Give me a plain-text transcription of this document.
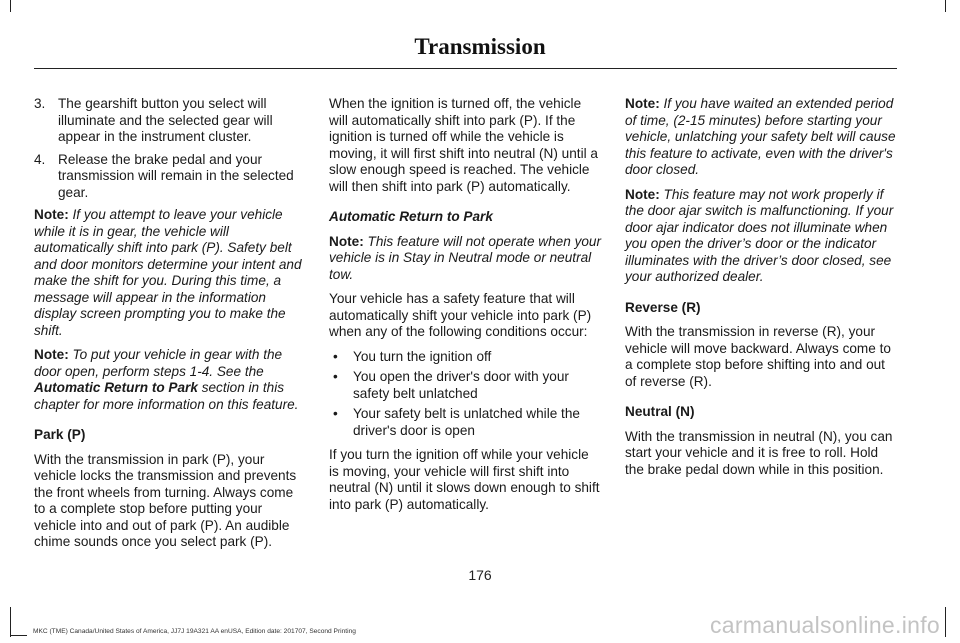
Transmission
3. The gearshift button you select will illuminate and the selected gear will appear in the instrument cluster.
4. Release the brake pedal and your transmission will remain in the selected gear.

Note: If you attempt to leave your vehicle while it is in gear, the vehicle will automatically shift into park (P). Safety belt and door monitors determine your intent and make the shift for you. During this time, a message will appear in the information display screen prompting you to make the shift.

Note: To put your vehicle in gear with the door open, perform steps 1-4. See the Automatic Return to Park section in this chapter for more information on this feature.

Park (P)

With the transmission in park (P), your vehicle locks the transmission and prevents the front wheels from turning. Always come to a complete stop before putting your vehicle into and out of park (P). An audible chime sounds once you select park (P).

When the ignition is turned off, the vehicle will automatically shift into park (P). If the ignition is turned off while the vehicle is moving, it will first shift into neutral (N) until a slow enough speed is reached. The vehicle will then shift into park (P) automatically.

Automatic Return to Park

Note: This feature will not operate when your vehicle is in Stay in Neutral mode or neutral tow.

Your vehicle has a safety feature that will automatically shift your vehicle into park (P) when any of the following conditions occur:

• You turn the ignition off
• You open the driver's door with your safety belt unlatched
• Your safety belt is unlatched while the driver's door is open

If you turn the ignition off while your vehicle is moving, your vehicle will first shift into neutral (N) until it slows down enough to shift into park (P) automatically.

Note: If you have waited an extended period of time, (2-15 minutes) before starting your vehicle, unlatching your safety belt will cause this feature to activate, even with the driver's door closed.

Note: This feature may not work properly if the door ajar switch is malfunctioning. If your door ajar indicator does not illuminate when you open the driver’s door or the indicator illuminates with the driver’s door closed, see your authorized dealer.

Reverse (R)

With the transmission in reverse (R), your vehicle will move backward. Always come to a complete stop before shifting into and out of reverse (R).

Neutral (N)

With the transmission in neutral (N), you can start your vehicle and it is free to roll. Hold the brake pedal down while in this position.

176
MKC (TME) Canada/United States of America, JJ7J 19A321 AA enUSA, Edition date: 201707, Second Printing	carmanualsonline.info
